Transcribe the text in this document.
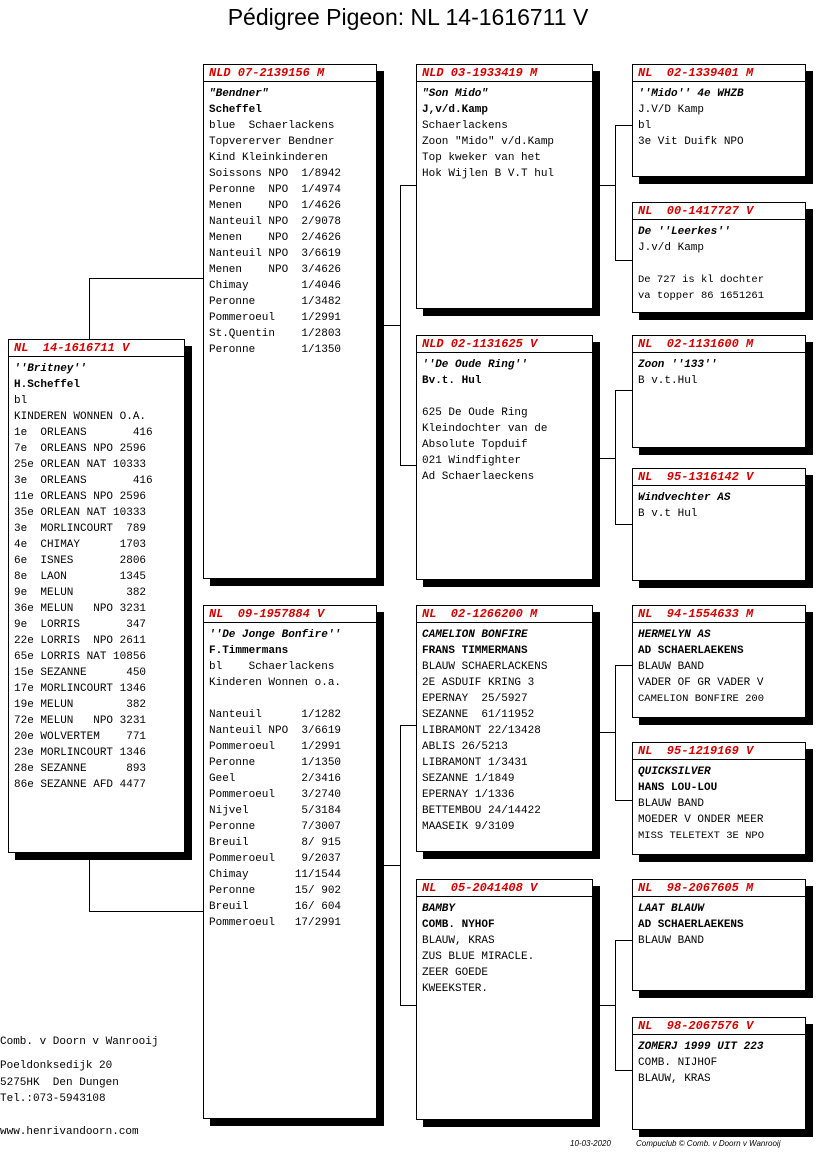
Pédigree Pigeon: NL 14-1616711 V
NL  14-1616711 V
''Britney''
H.Scheffel
bl
KINDEREN WONNEN O.A.
1e  ORLEANS       416
7e  ORLEANS NPO 2596
25e ORLEAN NAT 10333
3e  ORLEANS       416
11e ORLEANS NPO 2596
35e ORLEAN NAT 10333
3e  MORLINCOURT  789
4e  CHIMAY      1703
6e  ISNES       2806
8e  LAON        1345
9e  MELUN        382
36e MELUN   NPO 3231
9e  LORRIS       347
22e LORRIS  NPO 2611
65e LORRIS NAT 10856
15e SEZANNE      450
17e MORLINCOURT 1346
19e MELUN        382
72e MELUN   NPO 3231
20e WOLVERTEM    771
23e MORLINCOURT 1346
28e SEZANNE      893
86e SEZANNE AFD 4477
NLD 07-2139156 M
"Bendner"
Scheffel
blue  Schaerlackens
Topvererver Bendner
Kind Kleinkinderen
Soissons NPO  1/8942
Peronne  NPO  1/4974
Menen    NPO  1/4626
Nanteuil NPO  2/9078
Menen    NPO  2/4626
Nanteuil NPO  3/6619
Menen    NPO  3/4626
Chimay        1/4046
Peronne       1/3482
Pommeroeul    1/2991
St.Quentin    1/2803
Peronne       1/1350
NL  09-1957884 V
''De Jonge Bonfire''
F.Timmermans
bl    Schaerlackens
Kinderen Wonnen o.a.
Nanteuil      1/1282
Nanteuil NPO  3/6619
Pommeroeul    1/2991
Peronne       1/1350
Geel          2/3416
Pommeroeul    3/2740
Nijvel        5/3184
Peronne       7/3007
Breuil        8/ 915
Pommeroeul    9/2037
Chimay       11/1544
Peronne      15/ 902
Breuil       16/ 604
Pommeroeul   17/2991
NLD 03-1933419 M
"Son Mido"
J,v/d.Kamp
Schaerlackens
Zoon "Mido" v/d.Kamp
Top kweker van het
Hok Wijlen B V.T hul
NLD 02-1131625 V
''De Oude Ring''
Bv.t. Hul
625 De Oude Ring
Kleindochter van de
Absolute Topduif
021 Windfighter
Ad Schaerlaeckens
NL  02-1266200 M
CAMELION BONFIRE
FRANS TIMMERMANS
BLAUW SCHAERLACKENS
2E ASDUIF KRING 3
EPERNAY  25/5927
SEZANNE  61/11952
LIBRAMONT 22/13428
ABLIS 26/5213
LIBRAMONT 1/3431
SEZANNE 1/1849
EPERNAY 1/1336
BETTEMBOU 24/14422
MAASEIK 9/3109
NL  05-2041408 V
BAMBY
COMB. NYHOF
BLAUW, KRAS
ZUS BLUE MIRACLE.
ZEER GOEDE
KWEEKSTER.
NL  02-1339401 M
''Mido'' 4e WHZB
J.V/D Kamp
bl
3e Vit Duifk NPO
NL  00-1417727 V
De ''Leerkes''
J.v/d Kamp
De 727 is kl dochter
va topper 86 1651261
NL  02-1131600 M
Zoon ''133''
B v.t.Hul
NL  95-1316142 V
Windvechter AS
B v.t Hul
NL  94-1554633 M
HERMELYN AS
AD SCHAERLAEKENS
BLAUW BAND
VADER OF GR VADER V
CAMELION BONFIRE 200
NL  95-1219169 V
QUICKSILVER
HANS LOU-LOU
BLAUW BAND
MOEDER V ONDER MEER
MISS TELETEXT 3E NPO
NL  98-2067605 M
LAAT BLAUW
AD SCHAERLAEKENS
BLAUW BAND
NL  98-2067576 V
ZOMERJ 1999 UIT 223
COMB. NIJHOF
BLAUW, KRAS
Comb. v Doorn v Wanrooij
Poeldonksedijk 20
5275HK  Den Dungen
Tel.:073-5943108
www.henrivandoorn.com
10-03-2020	Compuclub © Comb. v Doorn v Wanrooij
